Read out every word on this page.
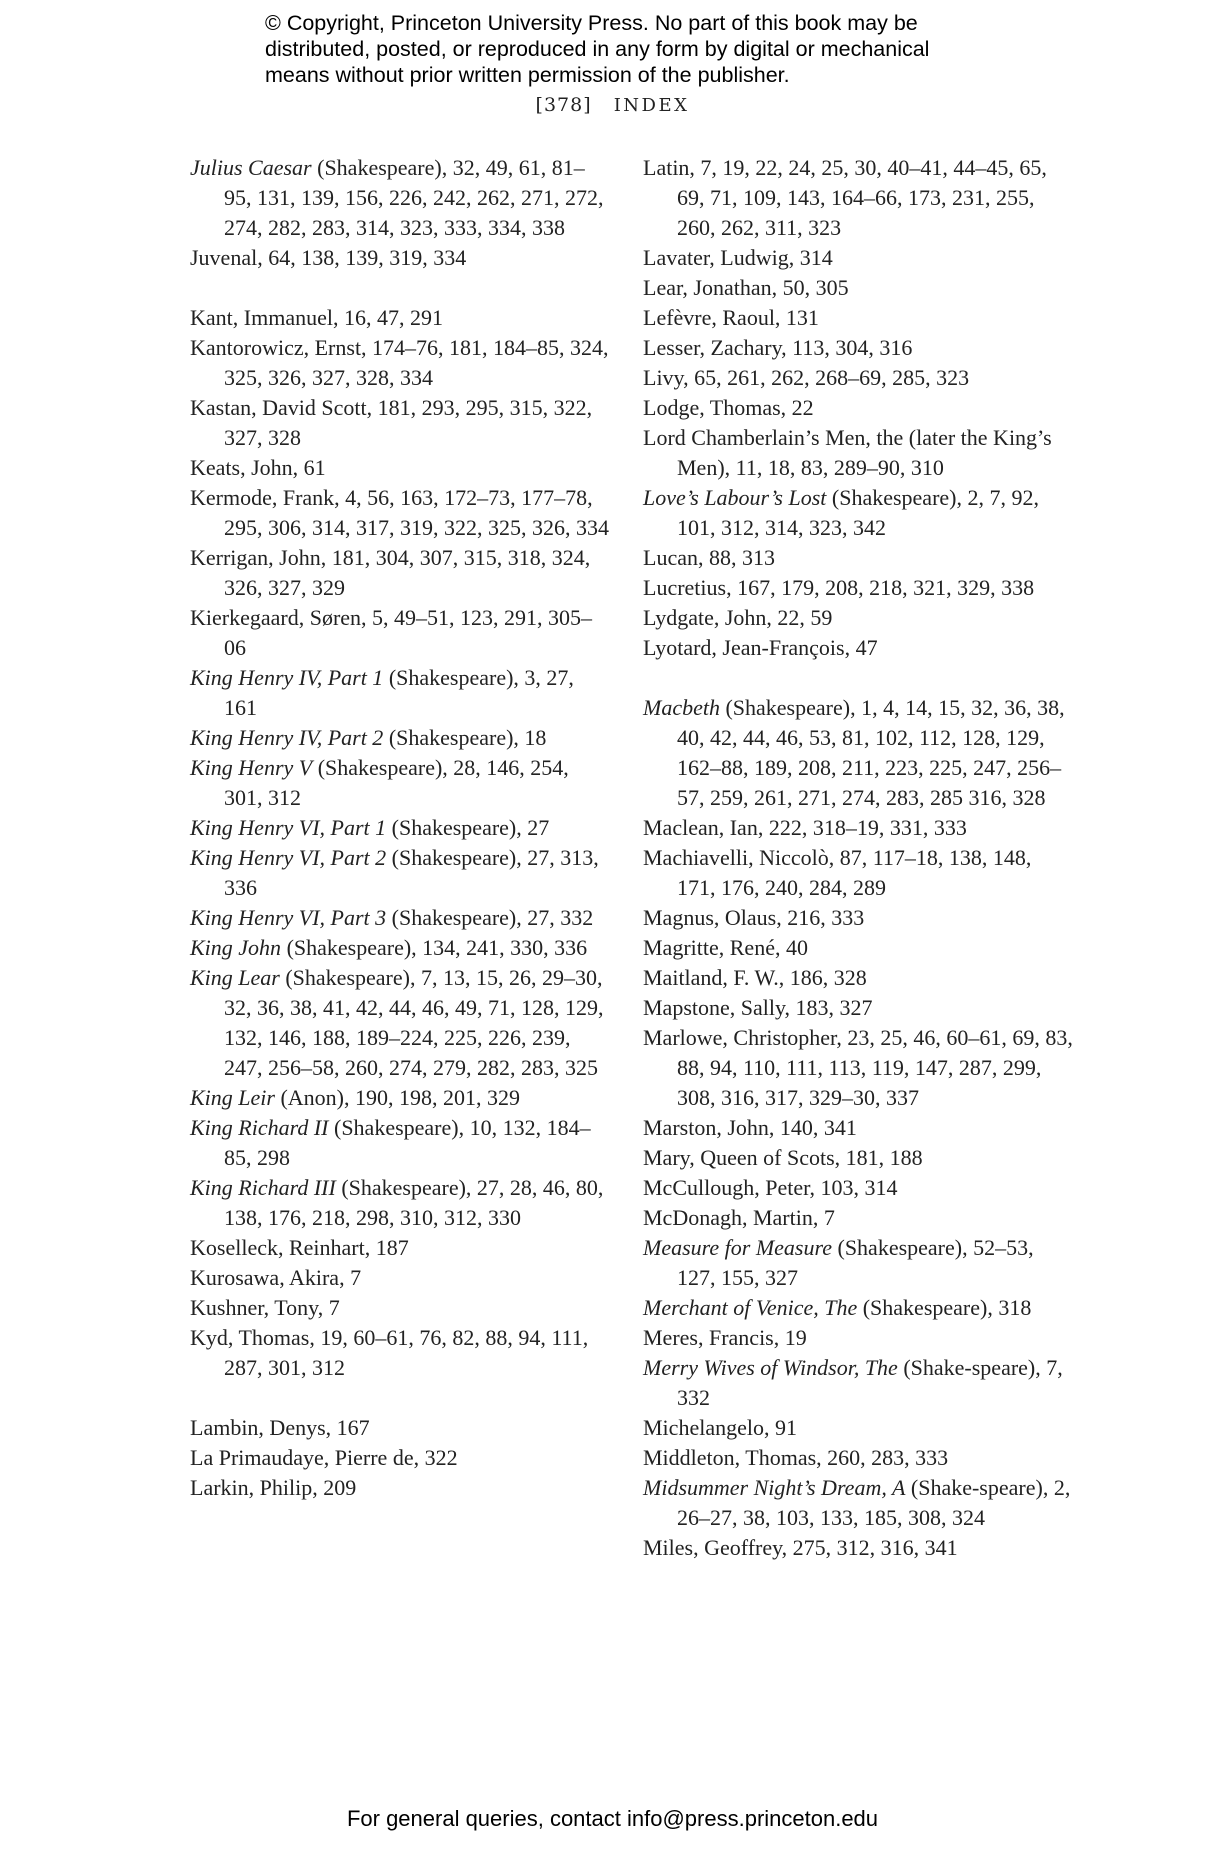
© Copyright, Princeton University Press. No part of this book may be
distributed, posted, or reproduced in any form by digital or mechanical
means without prior written permission of the publisher.
[378] INDEX
Julius Caesar (Shakespeare), 32, 49, 61, 81–95, 131, 139, 156, 226, 242, 262, 271, 272, 274, 282, 283, 314, 323, 333, 334, 338
Juvenal, 64, 138, 139, 319, 334
Kant, Immanuel, 16, 47, 291
Kantorowicz, Ernst, 174–76, 181, 184–85, 324, 325, 326, 327, 328, 334
Kastan, David Scott, 181, 293, 295, 315, 322, 327, 328
Keats, John, 61
Kermode, Frank, 4, 56, 163, 172–73, 177–78, 295, 306, 314, 317, 319, 322, 325, 326, 334
Kerrigan, John, 181, 304, 307, 315, 318, 324, 326, 327, 329
Kierkegaard, Søren, 5, 49–51, 123, 291, 305–06
King Henry IV, Part 1 (Shakespeare), 3, 27, 161
King Henry IV, Part 2 (Shakespeare), 18
King Henry V (Shakespeare), 28, 146, 254, 301, 312
King Henry VI, Part 1 (Shakespeare), 27
King Henry VI, Part 2 (Shakespeare), 27, 313, 336
King Henry VI, Part 3 (Shakespeare), 27, 332
King John (Shakespeare), 134, 241, 330, 336
King Lear (Shakespeare), 7, 13, 15, 26, 29–30, 32, 36, 38, 41, 42, 44, 46, 49, 71, 128, 129, 132, 146, 188, 189–224, 225, 226, 239, 247, 256–58, 260, 274, 279, 282, 283, 325
King Leir (Anon), 190, 198, 201, 329
King Richard II (Shakespeare), 10, 132, 184–85, 298
King Richard III (Shakespeare), 27, 28, 46, 80, 138, 176, 218, 298, 310, 312, 330
Koselleck, Reinhart, 187
Kurosawa, Akira, 7
Kushner, Tony, 7
Kyd, Thomas, 19, 60–61, 76, 82, 88, 94, 111, 287, 301, 312
Lambin, Denys, 167
La Primaudaye, Pierre de, 322
Larkin, Philip, 209
Latin, 7, 19, 22, 24, 25, 30, 40–41, 44–45, 65, 69, 71, 109, 143, 164–66, 173, 231, 255, 260, 262, 311, 323
Lavater, Ludwig, 314
Lear, Jonathan, 50, 305
Lefèvre, Raoul, 131
Lesser, Zachary, 113, 304, 316
Livy, 65, 261, 262, 268–69, 285, 323
Lodge, Thomas, 22
Lord Chamberlain’s Men, the (later the King’s Men), 11, 18, 83, 289–90, 310
Love’s Labour’s Lost (Shakespeare), 2, 7, 92, 101, 312, 314, 323, 342
Lucan, 88, 313
Lucretius, 167, 179, 208, 218, 321, 329, 338
Lydgate, John, 22, 59
Lyotard, Jean-François, 47
Macbeth (Shakespeare), 1, 4, 14, 15, 32, 36, 38, 40, 42, 44, 46, 53, 81, 102, 112, 128, 129, 162–88, 189, 208, 211, 223, 225, 247, 256–57, 259, 261, 271, 274, 283, 285 316, 328
Maclean, Ian, 222, 318–19, 331, 333
Machiavelli, Niccolò, 87, 117–18, 138, 148, 171, 176, 240, 284, 289
Magnus, Olaus, 216, 333
Magritte, René, 40
Maitland, F. W., 186, 328
Mapstone, Sally, 183, 327
Marlowe, Christopher, 23, 25, 46, 60–61, 69, 83, 88, 94, 110, 111, 113, 119, 147, 287, 299, 308, 316, 317, 329–30, 337
Marston, John, 140, 341
Mary, Queen of Scots, 181, 188
McCullough, Peter, 103, 314
McDonagh, Martin, 7
Measure for Measure (Shakespeare), 52–53, 127, 155, 327
Merchant of Venice, The (Shakespeare), 318
Meres, Francis, 19
Merry Wives of Windsor, The (Shake-speare), 7, 332
Michelangelo, 91
Middleton, Thomas, 260, 283, 333
Midsummer Night’s Dream, A (Shake-speare), 2, 26–27, 38, 103, 133, 185, 308, 324
Miles, Geoffrey, 275, 312, 316, 341
For general queries, contact info@press.princeton.edu
